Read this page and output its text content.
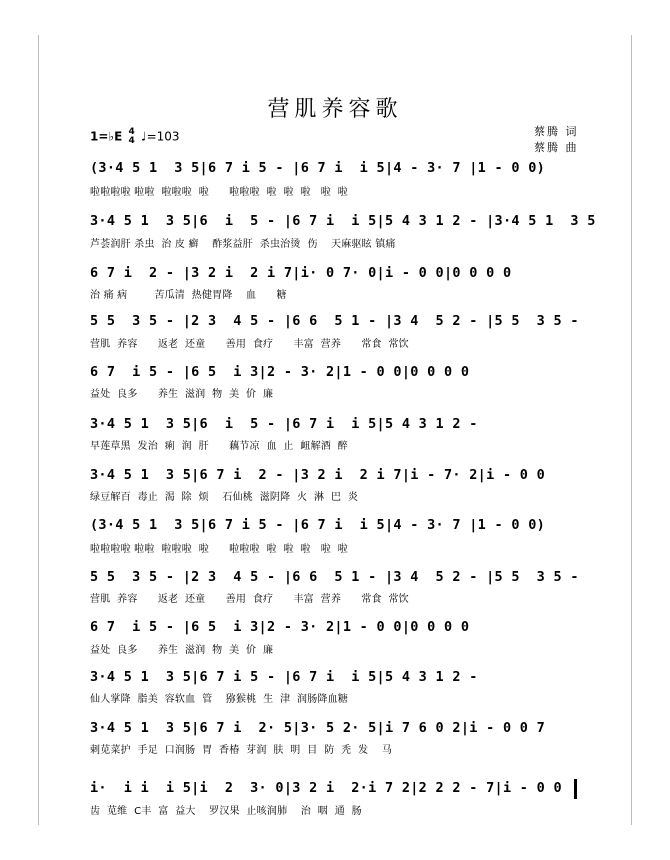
营肌养容歌
1=♭E 4
4 ♩=103	蔡腾 词
蔡腾 曲
(3·4 5 1  3 5|6 7 i 5 - |6 7 i  i 5|4 - 3· 7 |1 - 0 0)
啦啦啦啦 啦啦  啦啦啦  啦      啦啦啦  啦  啦  啦   啦  啦
3·4 5 1  3 5|6  i  5 - |6 7 i  i 5|5 4 3 1 2 - |3·4 5 1  3 5
芦荟润肝 杀虫  治 皮 癣    酢浆益肝  杀虫治烫  伤    天麻驱眩 镇痛
6 7 i  2 - |3 2 i  2 i 7|i· 0 7· 0|i - 0 0|0 0 0 0
治 痛 病        苦瓜清  热健胃降    血      糖
5 5  3 5 - |2 3  4 5 - |6 6  5 1 - |3 4  5 2 - |5 5  3 5 -
营肌  养容      返老  还童      善用  食疗      丰富  营养      常食  常饮
6 7  i 5 - |6 5  i 3|2 - 3· 2|1 - 0 0|0 0 0 0
益处  良多      养生  滋润  物  美  价  廉
3·4 5 1  3 5|6  i  5 - |6 7 i  i 5|5 4 3 1 2 -
早莲草黑  发治  痢  润  肝      藕节凉  血  止  衄解酒  醉
3·4 5 1  3 5|6 7 i  2 - |3 2 i  2 i 7|i - 7· 2|i - 0 0
绿豆解百  毒止  渴  除  烦    石仙桃  滋阴降  火  淋  巴  炎
(3·4 5 1  3 5|6 7 i 5 - |6 7 i  i 5|4 - 3· 7 |1 - 0 0)
啦啦啦啦 啦啦  啦啦啦  啦      啦啦啦  啦  啦  啦   啦  啦
5 5  3 5 - |2 3  4 5 - |6 6  5 1 - |3 4  5 2 - |5 5  3 5 -
营肌  养容      返老  还童      善用  食疗      丰富  营养      常食  常饮
6 7  i 5 - |6 5  i 3|2 - 3· 2|1 - 0 0|0 0 0 0
益处  良多      养生  滋润  物  美  价  廉
3·4 5 1  3 5|6 7 i 5 - |6 7 i  i 5|5 4 3 1 2 -
仙人掌降  脂美  容软血  管    猕猴桃  生  津  润肠降血糖
3·4 5 1  3 5|6 7 i  2· 5|3· 5 2· 5|i 7 6 0 2|i - 0 0 7
剌苋菜护  手足  口润肠  胃  香椿  芽润  肤  明  目  防  秃  发    马
i·  i i  i 5|i  2  3· 0|3 2 i  2·i 7 2|2 2 2 - 7|i - 0 0
齿  苋维  C丰  富  益大    罗汉果  止咳润肺    治  咽  通  肠
